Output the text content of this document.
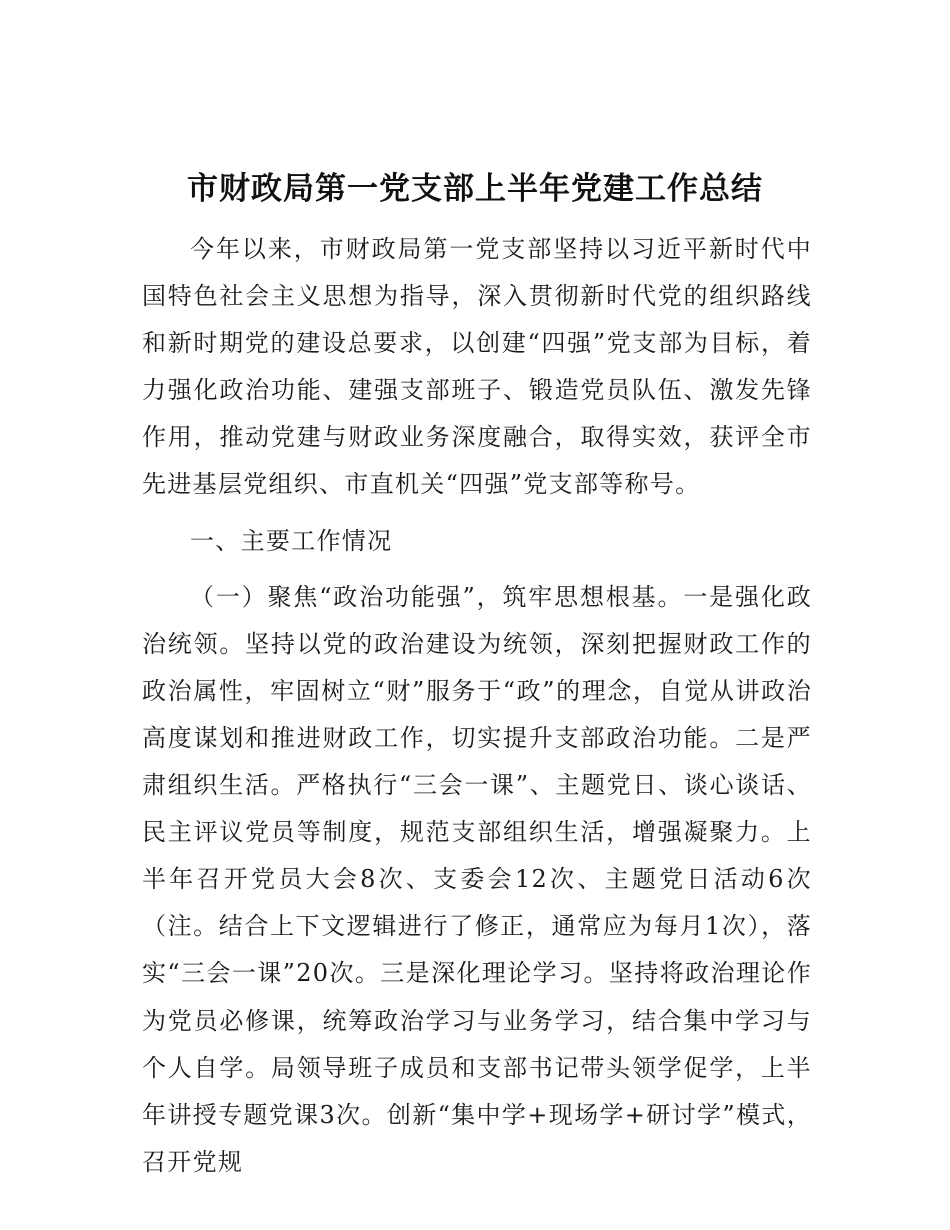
市财政局第一党支部上半年党建工作总结

今年以来，市财政局第一党支部坚持以习近平新时代中国特色社会主义思想为指导，深入贯彻新时代党的组织路线和新时期党的建设总要求，以创建“四强”党支部为目标，着力强化政治功能、建强支部班子、锻造党员队伍、激发先锋作用，推动党建与财政业务深度融合，取得实效，获评全市先进基层党组织、市直机关“四强”党支部等称号。

一、主要工作情况

（一）聚焦“政治功能强”，筑牢思想根基。一是强化政治统领。坚持以党的政治建设为统领，深刻把握财政工作的政治属性，牢固树立“财”服务于“政”的理念，自觉从讲政治高度谋划和推进财政工作，切实提升支部政治功能。二是严肃组织生活。严格执行“三会一课”、主题党日、谈心谈话、民主评议党员等制度，规范支部组织生活，增强凝聚力。上半年召开党员大会8次、支委会12次、主题党日活动6次（注。结合上下文逻辑进行了修正，通常应为每月1次），落实“三会一课”20次。三是深化理论学习。坚持将政治理论作为党员必修课，统筹政治学习与业务学习，结合集中学习与个人自学。局领导班子成员和支部书记带头领学促学，上半年讲授专题党课3次。创新“集中学+现场学+研讨学”模式，召开党规
